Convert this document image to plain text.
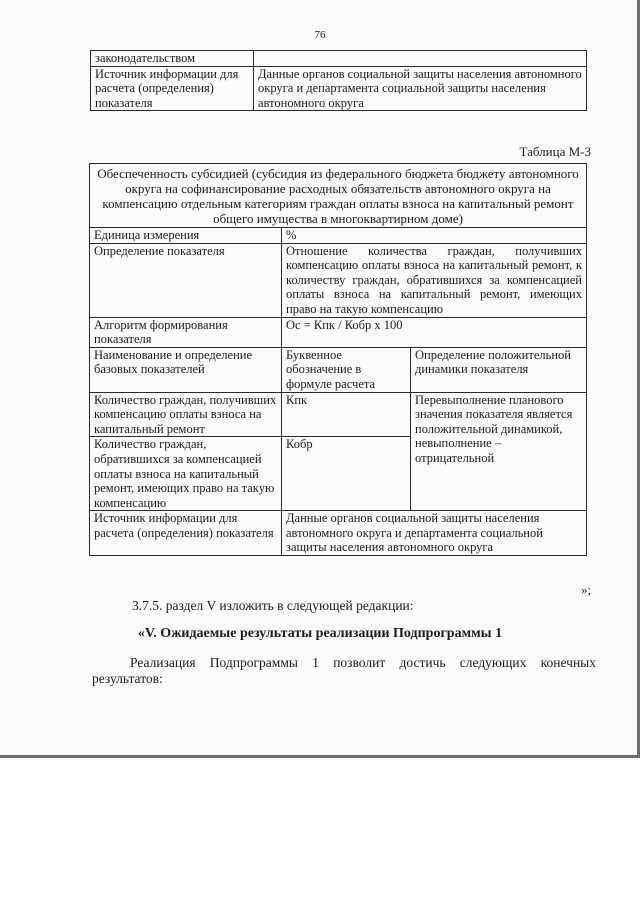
76
законодательством	
Источник информации для расчета (определения) показателя	Данные органов социальной защиты населения автономного округа и департамента социальной защиты населения автономного округа
Таблица М-3
Обеспеченность субсидией (субсидия из федерального бюджета бюджету автономного округа на софинансирование расходных обязательств автономного округа на компенсацию отдельным категориям граждан оплаты взноса на капитальный ремонт общего имущества в многоквартирном доме)		
Единица измерения	%	
Определение показателя	Отношение количества граждан, получивших компенсацию оплаты взноса на капитальный ремонт, к количеству граждан, обратившихся за компенсацией оплаты взноса на капитальный ремонт, имеющих право на такую компенсацию	
Алгоритм формирования показателя	Ос = Кпк / Кобр х 100	
Наименование и определение базовых показателей	Буквенное обозначение в формуле расчета	Определение положительной динамики показателя
Количество граждан, получивших компенсацию оплаты взноса на капитальный ремонт	Кпк	Перевыполнение планового значения показателя является положительной динамикой, невыполнение – отрицательной
Количество граждан, обратившихся за компенсацией оплаты взноса на капитальный ремонт, имеющих право на такую компенсацию	Кобр	
Источник информации для расчета (определения) показателя	Данные органов социальной защиты населения автономного округа и департамента социальной защиты населения автономного округа	
»;
3.7.5. раздел V изложить в следующей редакции:
«V. Ожидаемые результаты реализации Подпрограммы 1
Реализация Подпрограммы 1 позволит достичь следующих конечных результатов:
